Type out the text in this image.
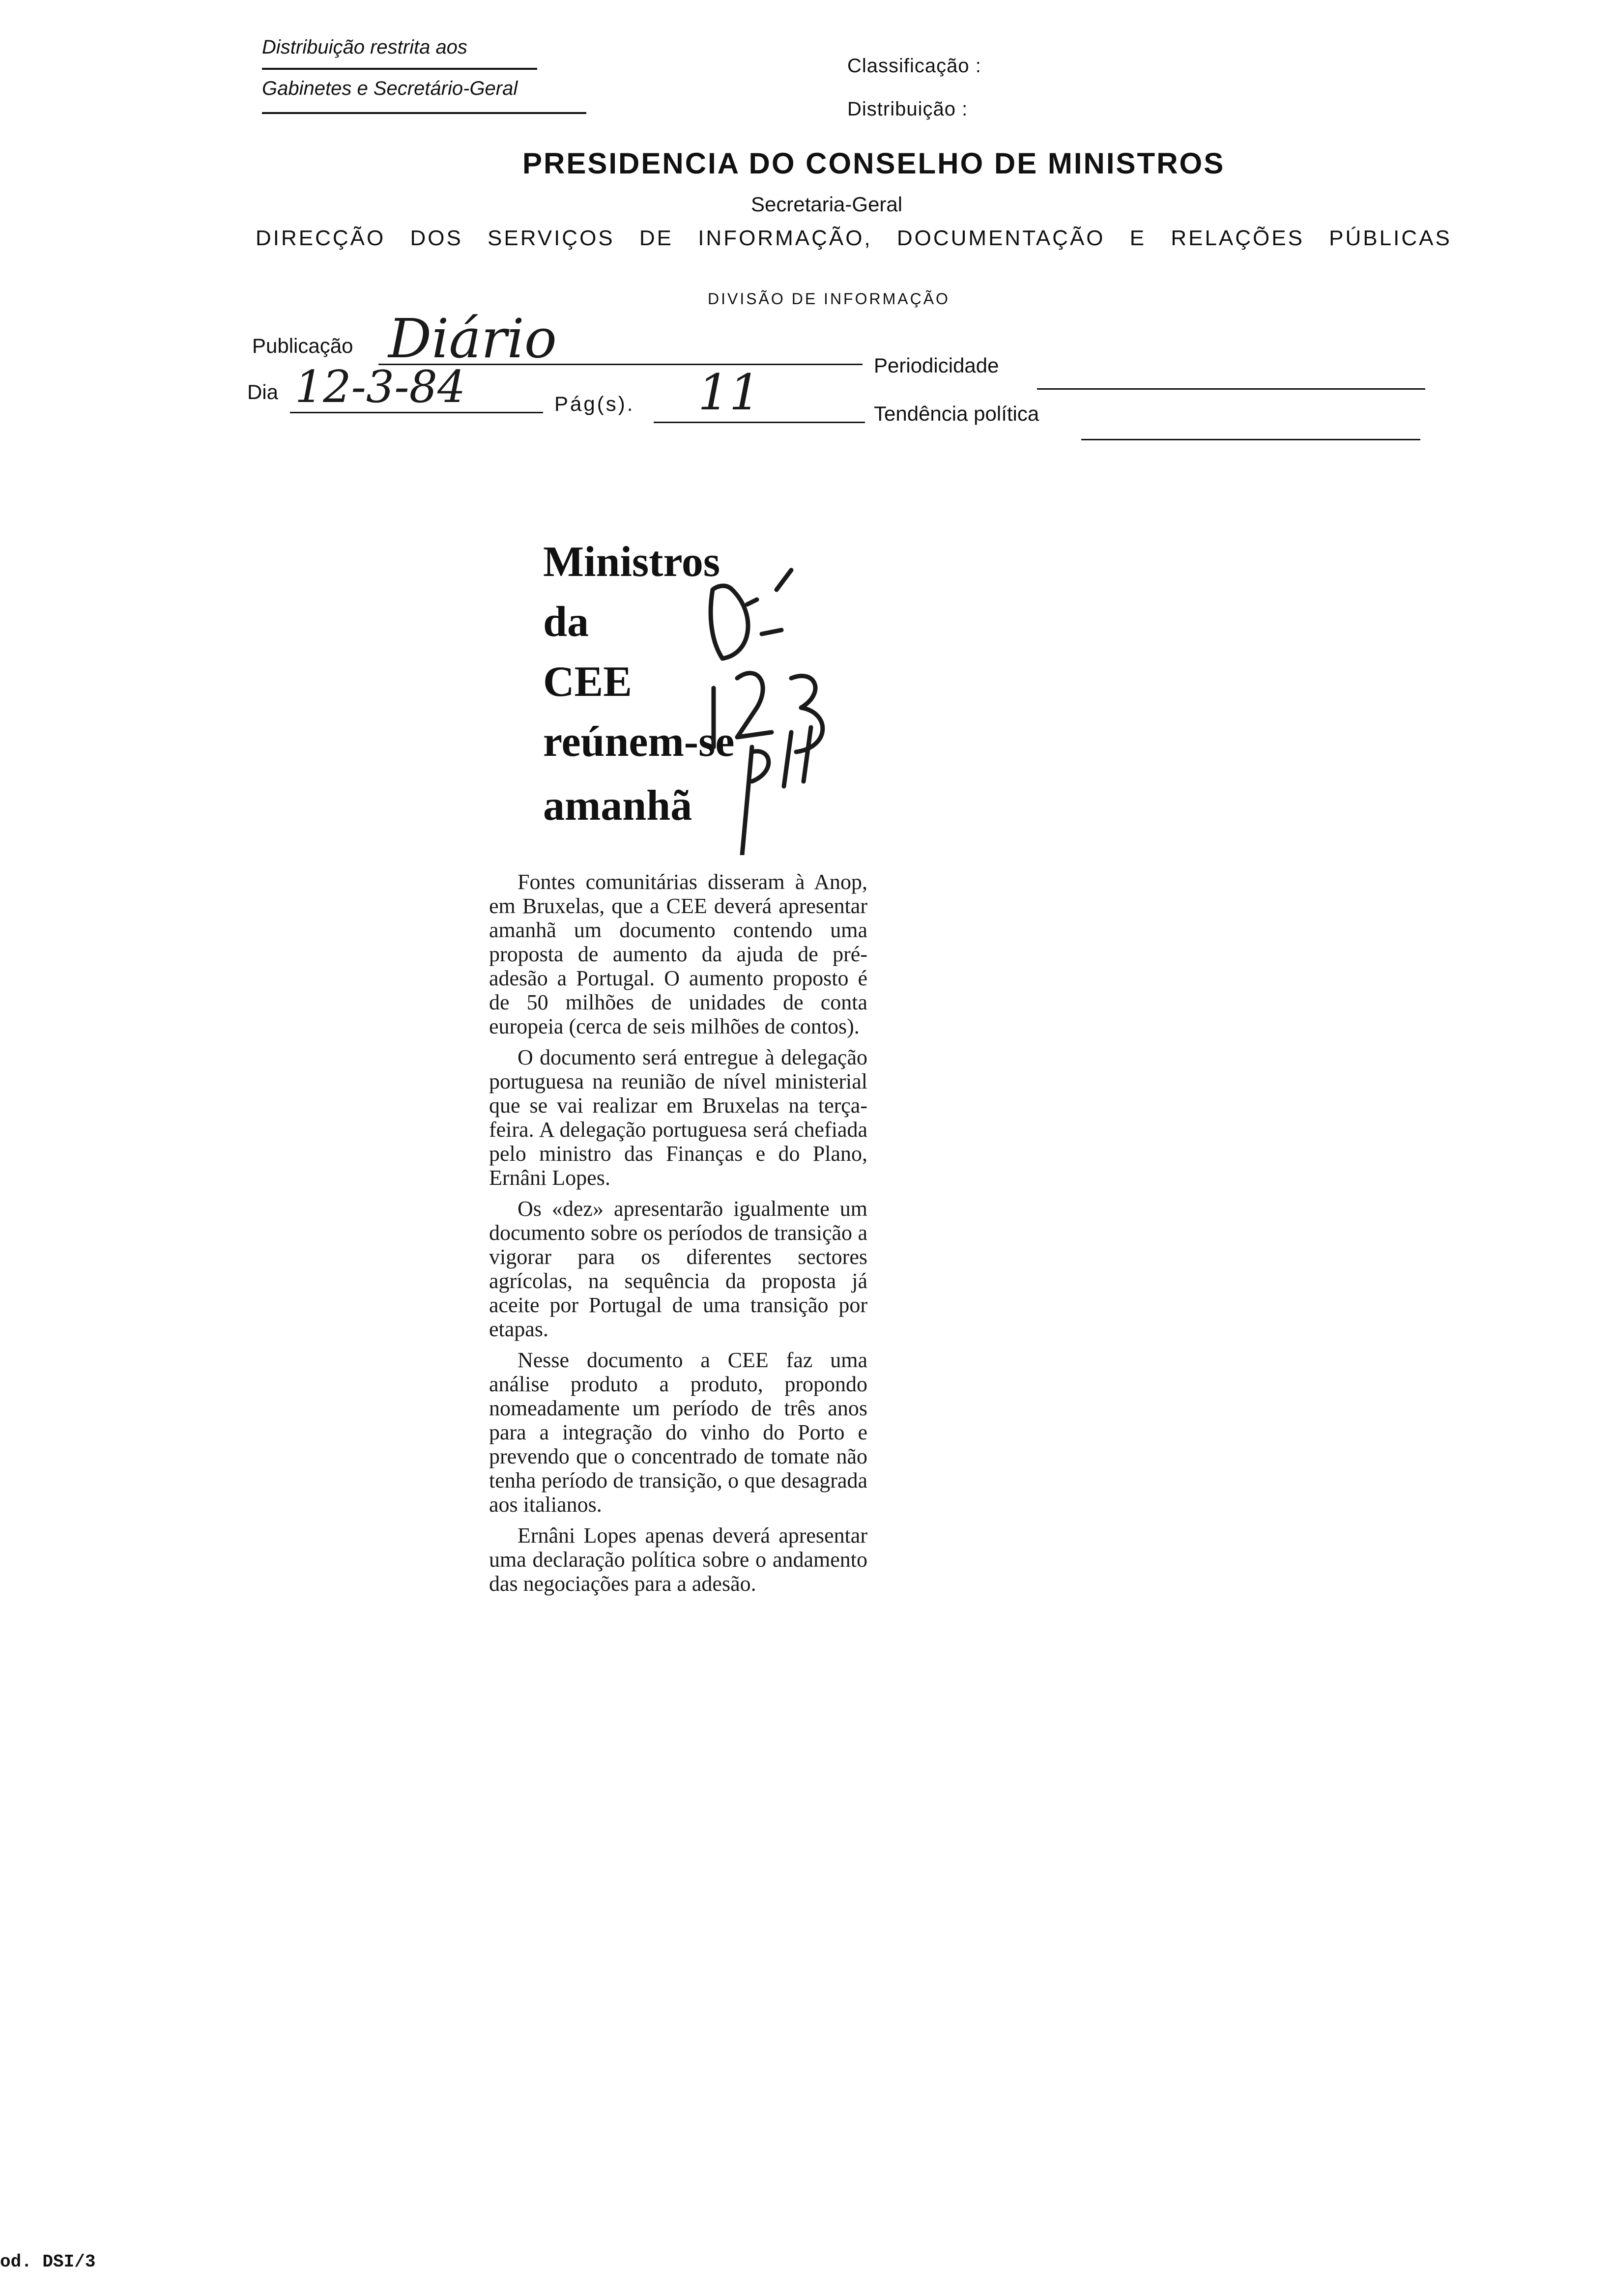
Distribuição restrita aos
Gabinetes e Secretário-Geral
Classificação :
Distribuição :
PRESIDENCIA DO CONSELHO DE MINISTROS
Secretaria-Geral
DIRECÇÃO DOS SERVIÇOS DE INFORMAÇÃO, DOCUMENTAÇÃO E RELAÇÕES PÚBLICAS
DIVISÃO DE INFORMAÇÃO
Publicação Diário	Periodicidade
Dia 12-3-84	Pág(s). 11	Tendência política
Ministros
da
CEE
reúnem-se
amanhã

Fontes comunitárias disseram à Anop, em Bruxelas, que a CEE deverá apresentar amanhã um documento contendo uma proposta de aumento da ajuda de pré-adesão a Portugal. O aumento proposto é de 50 milhões de unidades de conta europeia (cerca de seis milhões de contos).

O documento será entregue à delegação portuguesa na reunião de nível ministerial que se vai realizar em Bruxelas na terça-feira. A delegação portuguesa será chefiada pelo ministro das Finanças e do Plano, Ernâni Lopes.

Os «dez» apresentarão igualmente um documento sobre os períodos de transição a vigorar para os diferentes sectores agrícolas, na sequência da proposta já aceite por Portugal de uma transição por etapas.

Nesse documento a CEE faz uma análise produto a produto, propondo nomeadamente um período de três anos para a integração do vinho do Porto e prevendo que o concentrado de tomate não tenha período de transição, o que desagrada aos italianos.

Ernâni Lopes apenas deverá apresentar uma declaração política sobre o andamento das negociações para a adesão.

od. DSI/3
